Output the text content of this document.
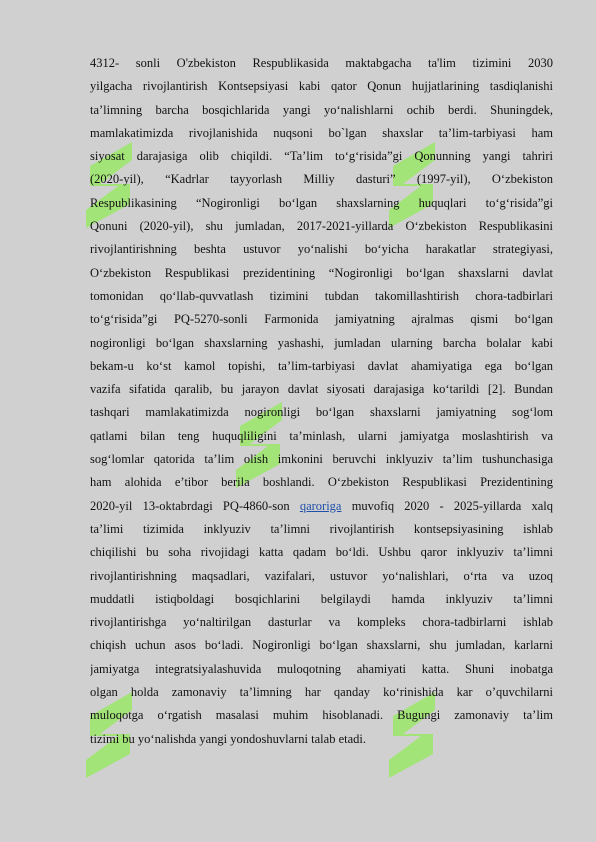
4312- sonli O'zbekiston Respublikasida maktabgacha ta'lim tizimini 2030
yilgacha rivojlantirish Kontsepsiyasi kabi qator Qonun hujjatlarining tasdiqlanishi
ta’limning barcha bosqichlarida yangi yo‘nalishlarni ochib berdi. Shuningdek,
mamlakatimizda rivojlanishida nuqsoni bo`lgan shaxslar ta’lim-tarbiyasi ham
siyosat darajasiga olib chiqildi. “Ta’lim to‘g‘risida”gi Qonunning yangi tahriri
(2020-yil), “Kadrlar tayyorlash Milliy dasturi” (1997-yil), O‘zbekiston
Respublikasining “Nogironligi bo‘lgan shaxslarning huquqlari to‘g‘risida”gi
Qonuni (2020-yil), shu jumladan, 2017-2021-yillarda O‘zbekiston Respublikasini
rivojlantirishning beshta ustuvor yo‘nalishi bo‘yicha harakatlar strategiyasi,
O‘zbekiston Respublikasi prezidentining “Nogironligi bo‘lgan shaxslarni davlat
tomonidan qo‘llab-quvvatlash tizimini tubdan takomillashtirish chora-tadbirlari
to‘g‘risida”gi PQ-5270-sonli Farmonida jamiyatning ajralmas qismi bo‘lgan
nogironligi bo‘lgan shaxslarning yashashi, jumladan ularning barcha bolalar kabi
bekam-u ko‘st kamol topishi, ta’lim-tarbiyasi davlat ahamiyatiga ega bo‘lgan
vazifa sifatida qaralib, bu jarayon davlat siyosati darajasiga ko‘tarildi [2]. Bundan
tashqari mamlakatimizda nogironligi bo‘lgan shaxslarni jamiyatning sog‘lom
qatlami bilan teng huquqliligini ta’minlash, ularni jamiyatga moslashtirish va
sog‘lomlar qatorida ta’lim olish imkonini beruvchi inklyuziv ta’lim tushunchasiga
ham alohida e’tibor berila boshlandi. O‘zbekiston Respublikasi Prezidentining
2020-yil 13-oktabrdagi PQ-4860-son qaroriga muvofiq 2020 - 2025-yillarda xalq
ta’limi tizimida inklyuziv ta’limni rivojlantirish kontsepsiyasining ishlab
chiqilishi bu soha rivojidagi katta qadam bo‘ldi. Ushbu qaror inklyuziv ta’limni
rivojlantirishning maqsadlari, vazifalari, ustuvor yo‘nalishlari, o‘rta va uzoq
muddatli istiqboldagi bosqichlarini belgilaydi hamda inklyuziv ta’limni
rivojlantirishga yo‘naltirilgan dasturlar va kompleks chora-tadbirlarni ishlab
chiqish uchun asos bo‘ladi. Nogironligi bo‘lgan shaxslarni, shu jumladan, karlarni
jamiyatga integratsiyalashuvida muloqotning ahamiyati katta. Shuni inobatga
olgan holda zamonaviy ta’limning har qanday ko‘rinishida kar o’quvchilarni
muloqotga o‘rgatish masalasi muhim hisoblanadi. Bugungi zamonaviy ta’lim
tizimi bu yo‘nalishda yangi yondoshuvlarni talab etadi.
